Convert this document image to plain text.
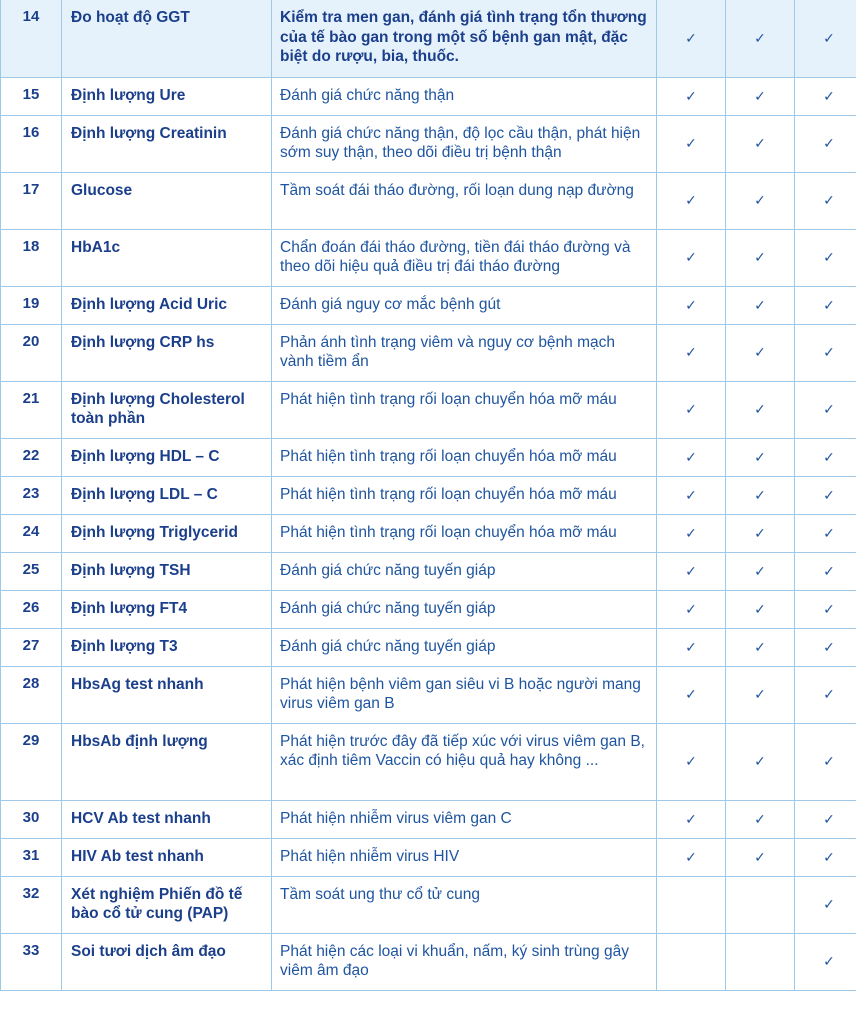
14	Đo hoạt độ GGT	Kiểm tra men gan, đánh giá tình trạng tổn thương của tế bào gan trong một số bệnh gan mật, đặc biệt do rượu, bia, thuốc.	✓	✓	✓
15	Định lượng Ure	Đánh giá chức năng thận	✓	✓	✓
16	Định lượng Creatinin	Đánh giá chức năng thận, độ lọc cầu thận, phát hiện sớm suy thận, theo dõi điều trị bệnh thận	✓	✓	✓
17	Glucose	Tầm soát đái tháo đường, rối loạn dung nạp đường	✓	✓	✓
18	HbA1c	Chẩn đoán đái tháo đường, tiền đái tháo đường và theo dõi hiệu quả điều trị đái tháo đường	✓	✓	✓
19	Định lượng Acid Uric	Đánh giá nguy cơ mắc bệnh gút	✓	✓	✓
20	Định lượng CRP hs	Phản ánh tình trạng viêm và nguy cơ bệnh mạch vành tiềm ẩn	✓	✓	✓
21	Định lượng Cholesterol toàn phần	Phát hiện tình trạng rối loạn chuyển hóa mỡ máu	✓	✓	✓
22	Định lượng HDL – C	Phát hiện tình trạng rối loạn chuyển hóa mỡ máu	✓	✓	✓
23	Định lượng LDL – C	Phát hiện tình trạng rối loạn chuyển hóa mỡ máu	✓	✓	✓
24	Định lượng Triglycerid	Phát hiện tình trạng rối loạn chuyển hóa mỡ máu	✓	✓	✓
25	Định lượng TSH	Đánh giá chức năng tuyến giáp	✓	✓	✓
26	Định lượng FT4	Đánh giá chức năng tuyến giáp	✓	✓	✓
27	Định lượng T3	Đánh giá chức năng tuyến giáp	✓	✓	✓
28	HbsAg test nhanh	Phát hiện bệnh viêm gan siêu vi B hoặc người mang virus viêm gan B	✓	✓	✓
29	HbsAb định lượng	Phát hiện trước đây đã tiếp xúc với virus viêm gan B, xác định tiêm Vaccin có hiệu quả hay không ...	✓	✓	✓
30	HCV Ab test nhanh	Phát hiện nhiễm virus viêm gan C	✓	✓	✓
31	HIV Ab test nhanh	Phát hiện nhiễm virus HIV	✓	✓	✓
32	Xét nghiệm Phiến đồ tế bào cổ tử cung (PAP)	Tầm soát ung thư cổ tử cung			✓
33	Soi tươi dịch âm đạo	Phát hiện các loại vi khuẩn, nấm, ký sinh trùng gây viêm âm đạo			✓
